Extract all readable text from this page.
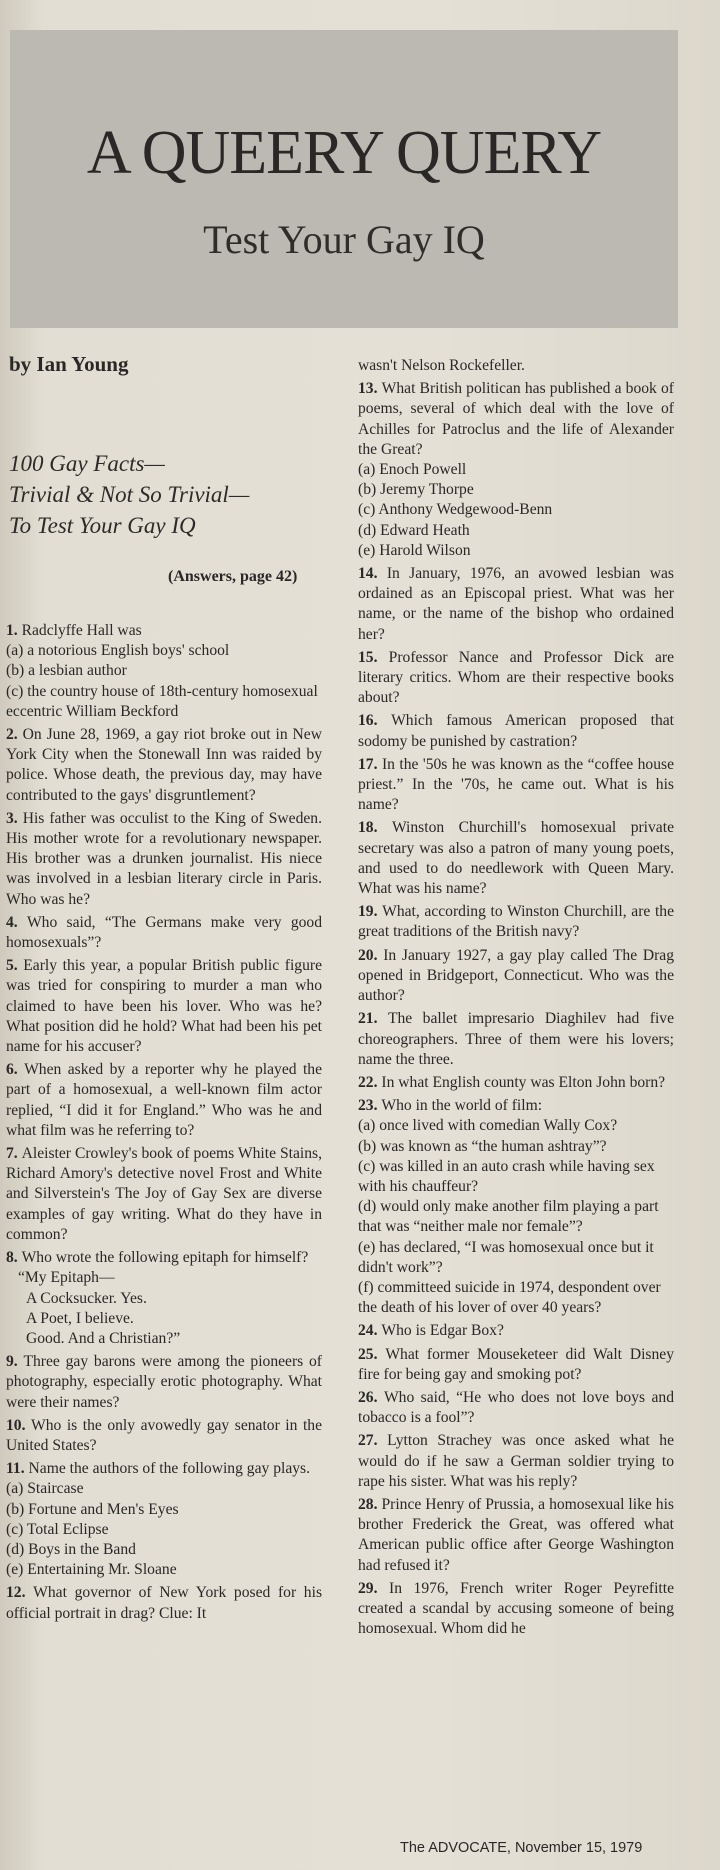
A QUEERY QUERY
Test Your Gay IQ
by Ian Young
100 Gay Facts—
Trivial & Not So Trivial—
To Test Your Gay IQ
(Answers, page 42)
1. Radclyffe Hall was
(a) a notorious English boys' school
(b) a lesbian author
(c) the country house of 18th-century homosexual eccentric William Beckford
2. On June 28, 1969, a gay riot broke out in New York City when the Stonewall Inn was raided by police. Whose death, the previous day, may have contributed to the gays' disgruntlement?
3. His father was occulist to the King of Sweden. His mother wrote for a revolutionary newspaper. His brother was a drunken journalist. His niece was involved in a lesbian literary circle in Paris. Who was he?
4. Who said, “The Germans make very good homosexuals”?
5. Early this year, a popular British public figure was tried for conspiring to murder a man who claimed to have been his lover. Who was he? What position did he hold? What had been his pet name for his accuser?
6. When asked by a reporter why he played the part of a homosexual, a well-known film actor replied, “I did it for England.” Who was he and what film was he referring to?
7. Aleister Crowley's book of poems White Stains, Richard Amory's detective novel Frost and White and Silverstein's The Joy of Gay Sex are diverse examples of gay writing. What do they have in common?
8. Who wrote the following epitaph for himself?
“My Epitaph—
A Cocksucker. Yes.
A Poet, I believe.
Good. And a Christian?”
9. Three gay barons were among the pioneers of photography, especially erotic photography. What were their names?
10. Who is the only avowedly gay senator in the United States?
11. Name the authors of the following gay plays.
(a) Staircase
(b) Fortune and Men's Eyes
(c) Total Eclipse
(d) Boys in the Band
(e) Entertaining Mr. Sloane
12. What governor of New York posed for his official portrait in drag? Clue: It
wasn't Nelson Rockefeller.
13. What British politican has published a book of poems, several of which deal with the love of Achilles for Patroclus and the life of Alexander the Great?
(a) Enoch Powell
(b) Jeremy Thorpe
(c) Anthony Wedgewood-Benn
(d) Edward Heath
(e) Harold Wilson
14. In January, 1976, an avowed lesbian was ordained as an Episcopal priest. What was her name, or the name of the bishop who ordained her?
15. Professor Nance and Professor Dick are literary critics. Whom are their respective books about?
16. Which famous American proposed that sodomy be punished by castration?
17. In the '50s he was known as the “coffee house priest.” In the '70s, he came out. What is his name?
18. Winston Churchill's homosexual private secretary was also a patron of many young poets, and used to do needlework with Queen Mary. What was his name?
19. What, according to Winston Churchill, are the great traditions of the British navy?
20. In January 1927, a gay play called The Drag opened in Bridgeport, Connecticut. Who was the author?
21. The ballet impresario Diaghilev had five choreographers. Three of them were his lovers; name the three.
22. In what English county was Elton John born?
23. Who in the world of film:
(a) once lived with comedian Wally Cox?
(b) was known as “the human ashtray”?
(c) was killed in an auto crash while having sex with his chauffeur?
(d) would only make another film playing a part that was “neither male nor female”?
(e) has declared, “I was homosexual once but it didn't work”?
(f) committeed suicide in 1974, despondent over the death of his lover of over 40 years?
24. Who is Edgar Box?
25. What former Mouseketeer did Walt Disney fire for being gay and smoking pot?
26. Who said, “He who does not love boys and tobacco is a fool”?
27. Lytton Strachey was once asked what he would do if he saw a German soldier trying to rape his sister. What was his reply?
28. Prince Henry of Prussia, a homosexual like his brother Frederick the Great, was offered what American public office after George Washington had refused it?
29. In 1976, French writer Roger Peyrefitte created a scandal by accusing someone of being homosexual. Whom did he
The ADVOCATE, November 15, 1979
